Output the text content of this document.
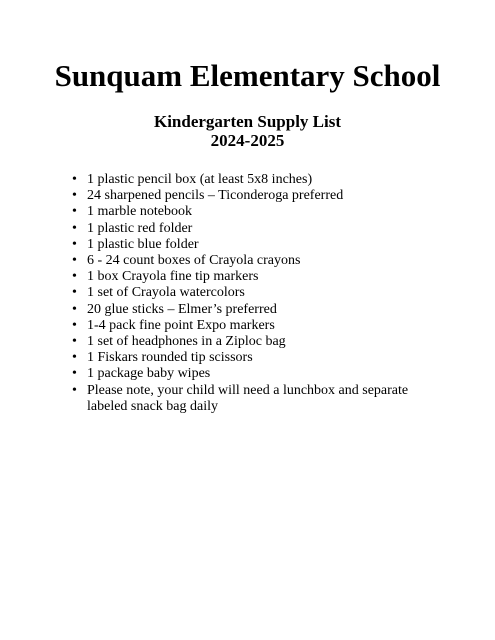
Sunquam Elementary School
Kindergarten Supply List
2024-2025
• 1 plastic pencil box (at least 5x8 inches)
• 24 sharpened pencils – Ticonderoga preferred
• 1 marble notebook
• 1 plastic red folder
• 1 plastic blue folder
• 6 - 24 count boxes of Crayola crayons
• 1 box Crayola fine tip markers
• 1 set of Crayola watercolors
• 20 glue sticks – Elmer’s preferred
• 1-4 pack fine point Expo markers
• 1 set of headphones in a Ziploc bag
• 1 Fiskars rounded tip scissors
• 1 package baby wipes
• Please note, your child will need a lunchbox and separate labeled snack bag daily
